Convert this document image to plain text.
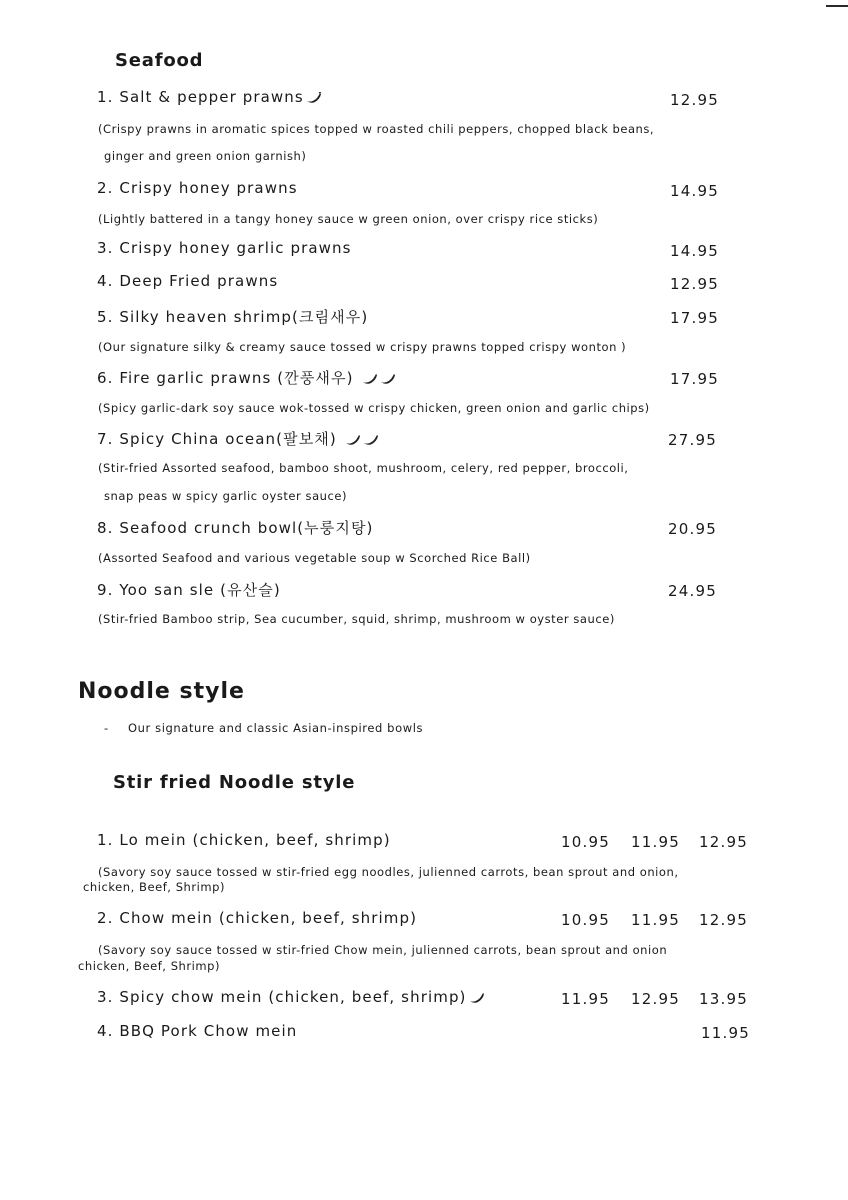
Seafood
1. Salt & pepper prawns	12.95
(Crispy prawns in aromatic spices topped w roasted chili peppers, chopped black beans,
ginger and green onion garnish)
2. Crispy honey prawns	14.95
(Lightly battered in a tangy honey sauce w green onion, over crispy rice sticks)
3. Crispy honey garlic prawns	14.95
4. Deep Fried prawns	12.95
5. Silky heaven shrimp(크림새우)	17.95
(Our signature silky & creamy sauce tossed w crispy prawns topped crispy wonton )
6. Fire garlic prawns (깐풍새우)	17.95
(Spicy garlic-dark soy sauce wok-tossed w crispy chicken, green onion and garlic chips)
7. Spicy China ocean(팔보채)	27.95
(Stir-fried Assorted seafood, bamboo shoot, mushroom, celery, red pepper, broccoli,
snap peas w spicy garlic oyster sauce)
8. Seafood crunch bowl(누룽지탕)	20.95
(Assorted Seafood and various vegetable soup w Scorched Rice Ball)
9. Yoo san sle (유산슬)	24.95
(Stir-fried Bamboo strip, Sea cucumber, squid, shrimp, mushroom w oyster sauce)
Noodle style
- Our signature and classic Asian-inspired bowls
Stir fried Noodle style
1. Lo mein (chicken, beef, shrimp)	10.95 11.95 12.95
(Savory soy sauce tossed w stir-fried egg noodles, julienned carrots, bean sprout and onion,
chicken, Beef, Shrimp)
2. Chow mein (chicken, beef, shrimp)	10.95 11.95 12.95
(Savory soy sauce tossed w stir-fried Chow mein, julienned carrots, bean sprout and onion
chicken, Beef, Shrimp)
3. Spicy chow mein (chicken, beef, shrimp)	11.95 12.95 13.95
4. BBQ Pork Chow mein	11.95
